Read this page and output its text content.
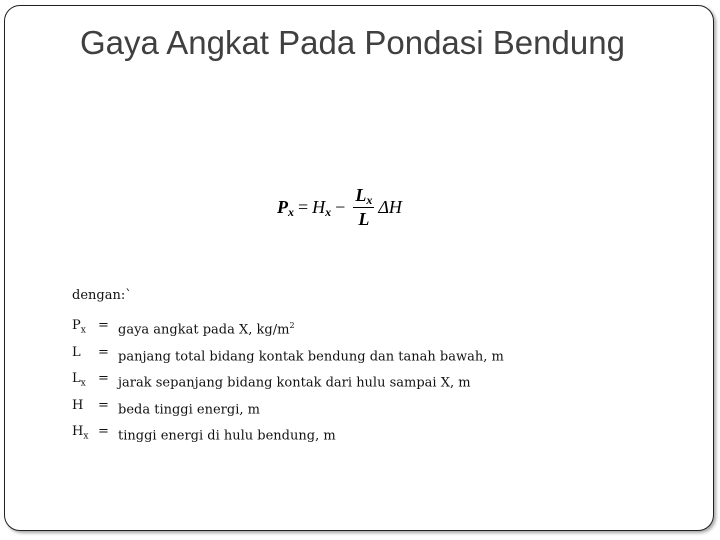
Gaya Angkat Pada Pondasi Bendung
$P_x = H_x - \frac{L_x}{L}$ ΔH

dengan:`

$P_x$ = gaya angkat pada X, $kg/m^2$
L	= panjang total bidang kontak bendung dan tanah bawah, m
$L_x$ = jarak sepanjang bidang kontak dari hulu sampai X, m
H	= beda tinggi energi, m
$H_x$ = tinggi energi di hulu bendung, m
